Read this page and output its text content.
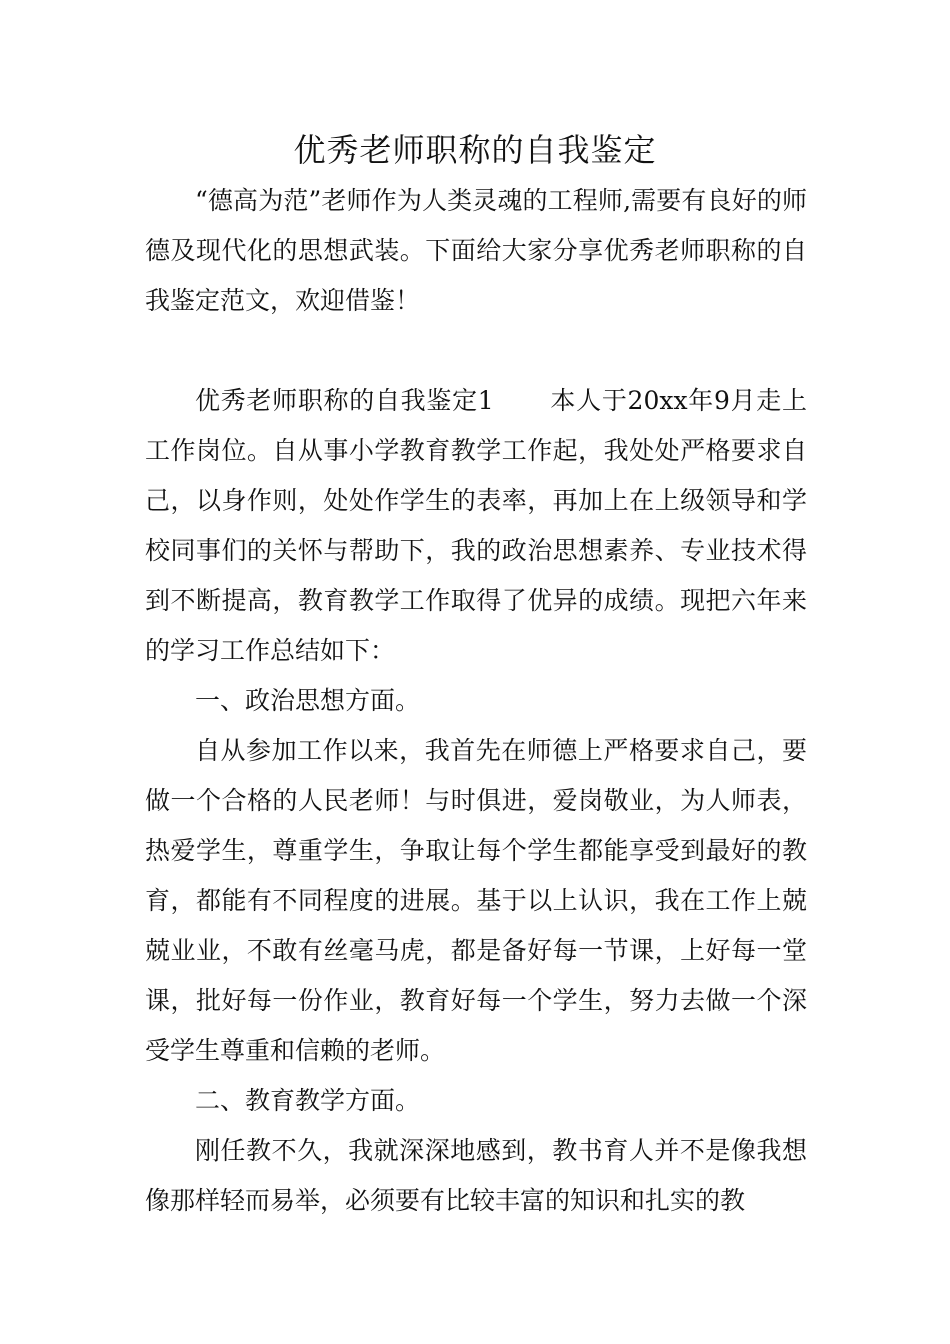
优秀老师职称的自我鉴定

“德高为范”老师作为人类灵魂的工程师,需要有良好的师德及现代化的思想武装。下面给大家分享优秀老师职称的自我鉴定范文，欢迎借鉴！

优秀老师职称的自我鉴定1 本人于20xx年9月走上工作岗位。自从事小学教育教学工作起，我处处严格要求自己，以身作则，处处作学生的表率，再加上在上级领导和学校同事们的关怀与帮助下，我的政治思想素养、专业技术得到不断提高，教育教学工作取得了优异的成绩。现把六年来的学习工作总结如下：

一、政治思想方面。

自从参加工作以来，我首先在师德上严格要求自己，要做一个合格的人民老师！与时俱进，爱岗敬业，为人师表，热爱学生，尊重学生，争取让每个学生都能享受到最好的教育，都能有不同程度的进展。基于以上认识，我在工作上兢兢业业，不敢有丝毫马虎，都是备好每一节课，上好每一堂课，批好每一份作业，教育好每一个学生，努力去做一个深受学生尊重和信赖的老师。

二、教育教学方面。

刚任教不久，我就深深地感到，教书育人并不是像我想像那样轻而易举，必须要有比较丰富的知识和扎实的教
